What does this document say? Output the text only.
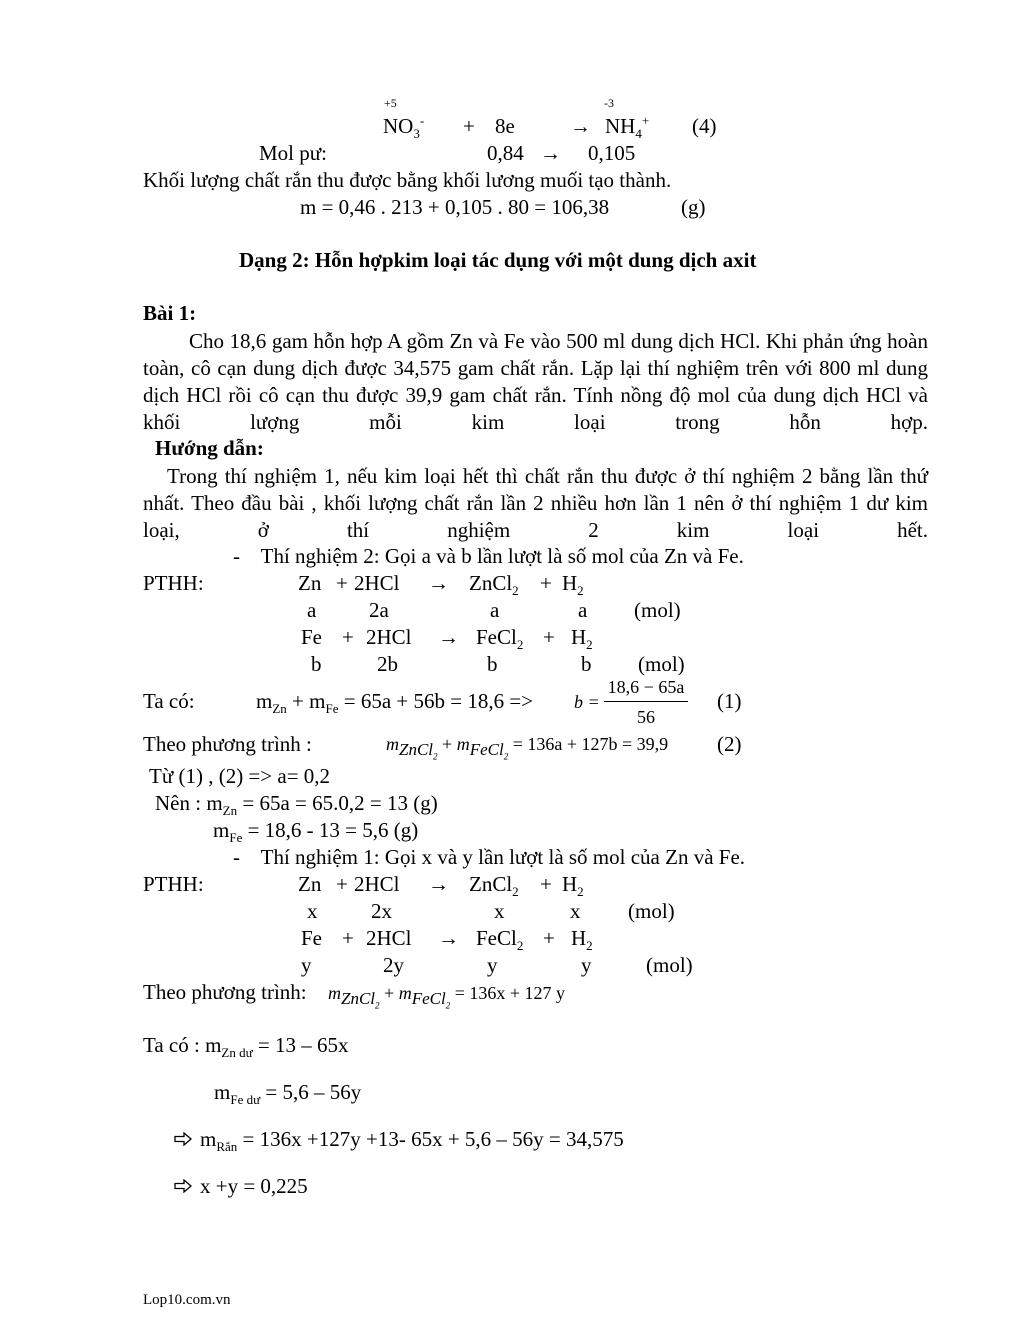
+5	-3
$NO_3^- + 8e$	→ $NH_4^+$ (4)
Mol pư:	0,84 → 0,105
Khối lượng chất rắn thu được bằng khối lương muối tạo thành.
m = 0,46 . 213 + 0,105 . 80 = 106,38	(g)
Dạng 2: Hỗn hợpkim loại tác dụng với một dung dịch axit
Bài 1:
Cho 18,6 gam hỗn hợp A gồm Zn và Fe vào 500 ml dung dịch HCl. Khi phản ứng hoàn toàn, cô cạn dung dịch được 34,575 gam chất rắn. Lặp lại thí nghiệm trên với 800 ml dung dịch HCl rồi cô cạn thu được 39,9 gam chất rắn. Tính nồng độ mol của dung dịch HCl và khối lượng mỗi kim loại trong hỗn hợp.
Hướng dẫn:
Trong thí nghiệm 1, nếu kim loại hết thì chất rắn thu được ở thí nghiệm 2 bằng lần thứ nhất. Theo đầu bài , khối lượng chất rắn lần 2 nhiều hơn lần 1 nên ở thí nghiệm 1 dư kim loại, ở thí nghiệm 2 kim loại hết.
-    Thí nghiệm 2: Gọi a và b lần lượt là số mol của Zn và Fe.
PTHH:	Zn + 2HCl → ZnCl$_2$ + $H_2$
a	2a	a	a (mol)
Fe + 2HCl → FeCl$_2$ + $H_2$
b	2b	b	b (mol)
Ta có:	$m_{Zn} + m_{Fe} = 65a + 56b = 18,6 => b$ =
18,6 − 65a
56
(1)
Theo phương trình :	mZnCl$_2$ + mFeCl$_2$ = 136a + 127b = 39,9 (2)
Từ (1) , (2) => a= 0,2
Nên : $m_{Zn} = 65a = 65.0,2 = 13$ (g)
$m_{Fe} = 18,6 - 13 = 5,6$ (g)
-    Thí nghiệm 1: Gọi x và y lần lượt là số mol của Zn và Fe.
PTHH:	Zn + 2HCl → ZnCl$_2$ + $H_2$
x	2x	x	x (mol)
Fe + 2HCl → FeCl$_2$ + $H_2$
y	2y	y	y	(mol)
Theo phương trình: mZnCl$_2$ + mFeCl$_2$ = 136x + 127 y
Ta có : $m_{Zn dư} = 13 - 65x$
$m_{Fe dư} = 5,6 - 56y$
$m_{Rắn} = 136x +127y +13-$ 65x + 5,6 – 56y = 34,575
x +y = 0,225
Lop10.com.vn
